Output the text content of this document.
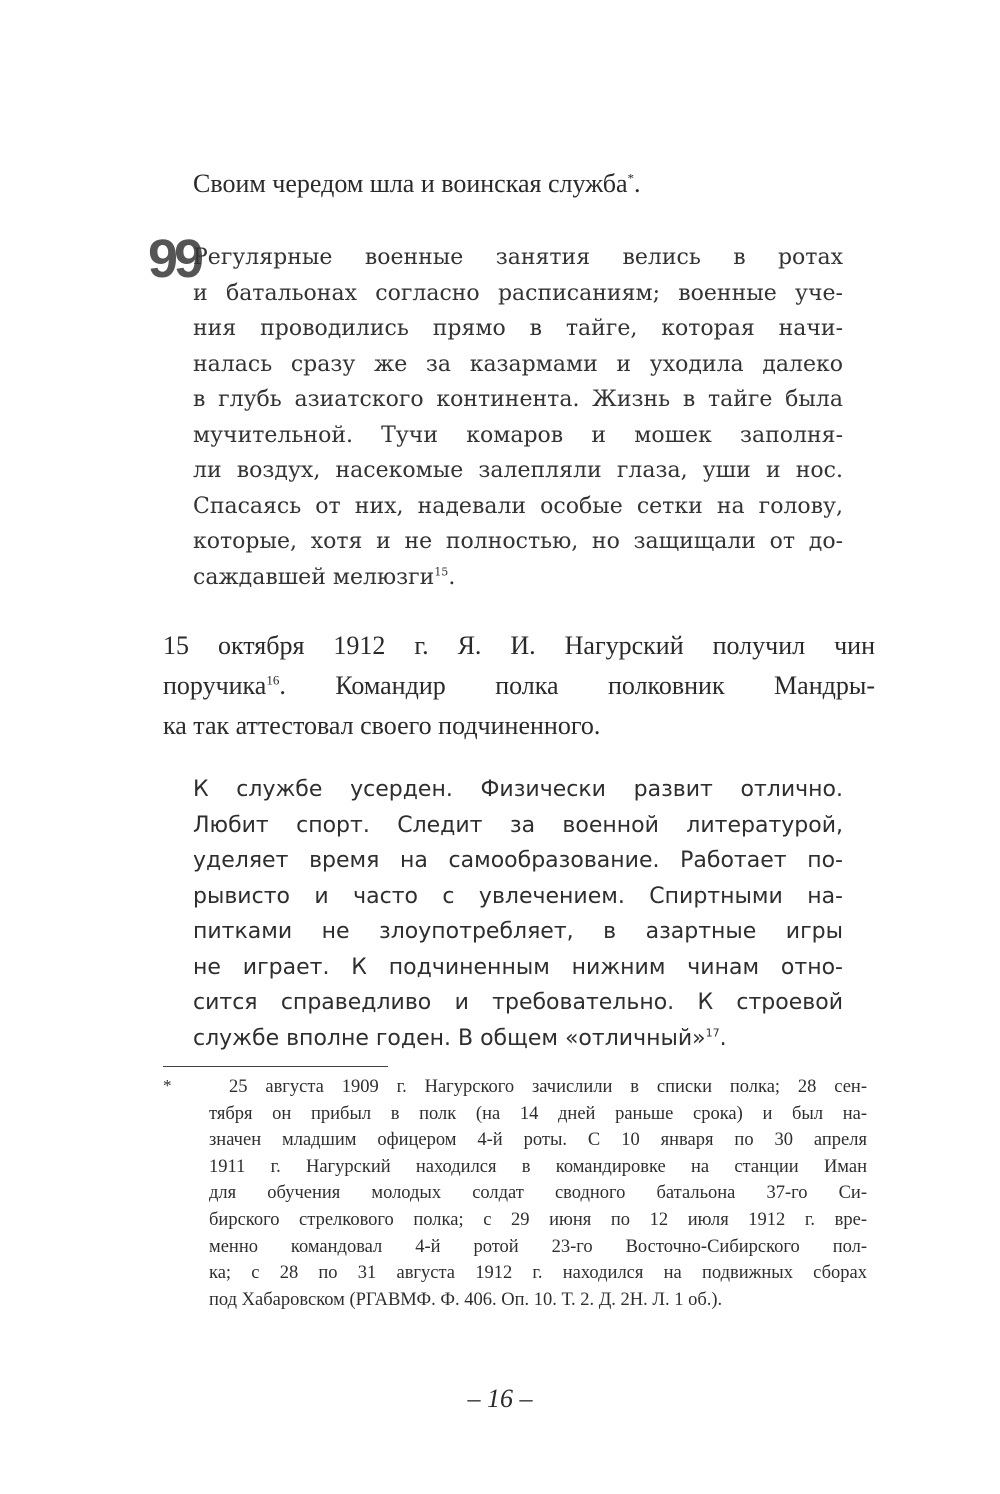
Своим чередом шла и воинская служба*.

99
Регулярные военные занятия велись в ротах
и батальонах согласно расписаниям; военные уче-
ния проводились прямо в тайге, которая начи-
налась сразу же за казармами и уходила далеко
в глубь азиатского континента. Жизнь в тайге была
мучительной. Тучи комаров и мошек заполня-
ли воздух, насекомые залепляли глаза, уши и нос.
Спасаясь от них, надевали особые сетки на голову,
которые, хотя и не полностью, но защищали от до-
саждавшей мелюзги$^{15}$.
15 октября 1912 г. Я. И. Нагурский получил чин
поручика$^{16}$. Командир полка полковник Мандры-
ка так аттестовал своего подчиненного.
К службе усерден. Физически развит отлично.
Любит спорт. Следит за военной литературой,
уделяет время на самообразование. Работает по-
рывисто и часто с увлечением. Спиртными на-
питками не злоупотребляет, в азартные игры
не играет. К подчиненным нижним чинам отно-
сится справедливо и требовательно. К строевой
службе вполне годен. В общем «отличный»$^{17}$.
*	25 августа 1909 г. Нагурского зачислили в списки полка; 28 сен-
тября он прибыл в полк (на 14 дней раньше срока) и был на-
значен младшим офицером 4-й роты. С 10 января по 30 апреля
1911 г. Нагурский находился в командировке на станции Иман
для обучения молодых солдат сводного батальона 37-го Си-
бирского стрелкового полка; с 29 июня по 12 июля 1912 г. вре-
менно командовал 4-й ротой 23-го Восточно-Сибирского пол-
ка; с 28 по 31 августа 1912 г. находился на подвижных сборах
под Хабаровском (РГАВМФ. Ф. 406. Оп. 10. Т. 2. Д. 2Н. Л. 1 об.).
– 16 –
